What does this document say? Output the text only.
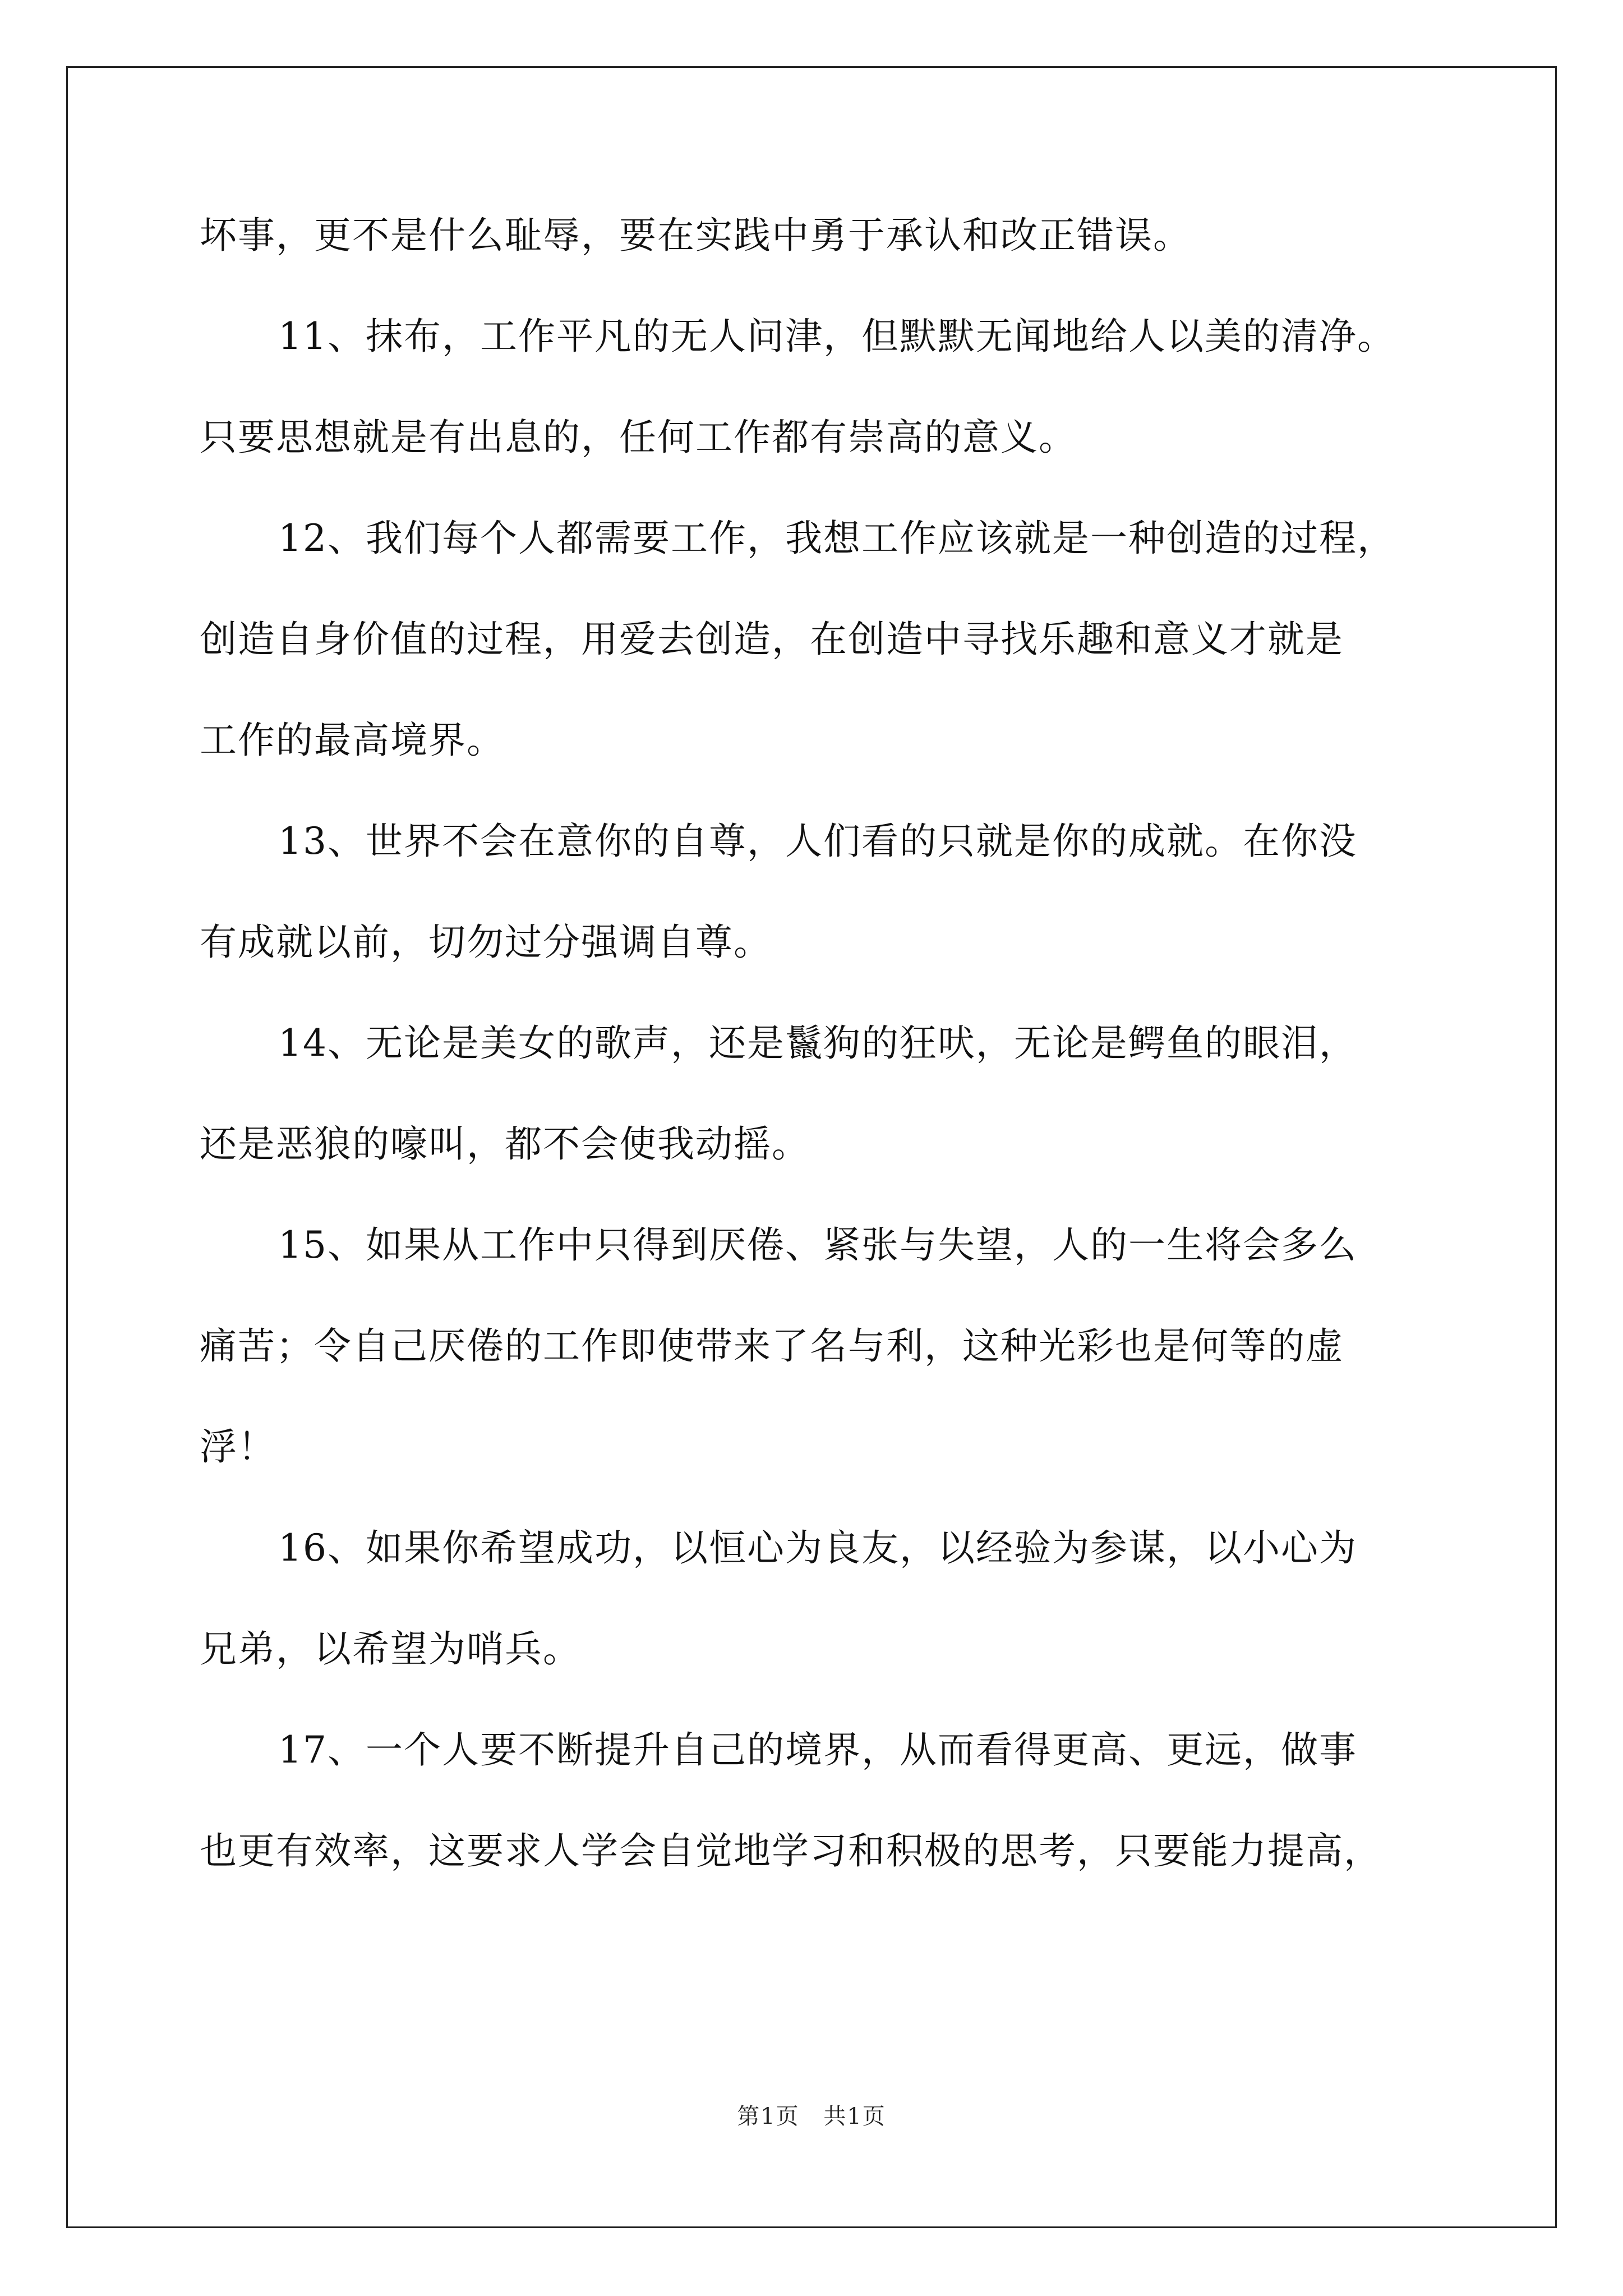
坏事，更不是什么耻辱，要在实践中勇于承认和改正错误。
11、抹布，工作平凡的无人问津，但默默无闻地给人以美的清净。
只要思想就是有出息的，任何工作都有崇高的意义。
12、我们每个人都需要工作，我想工作应该就是一种创造的过程，
创造自身价值的过程，用爱去创造，在创造中寻找乐趣和意义才就是
工作的最高境界。
13、世界不会在意你的自尊，人们看的只就是你的成就。在你没
有成就以前，切勿过分强调自尊。
14、无论是美女的歌声，还是鬣狗的狂吠，无论是鳄鱼的眼泪，
还是恶狼的嚎叫，都不会使我动摇。
15、如果从工作中只得到厌倦、紧张与失望，人的一生将会多么
痛苦；令自己厌倦的工作即使带来了名与利，这种光彩也是何等的虚
浮！
16、如果你希望成功，以恒心为良友，以经验为参谋，以小心为
兄弟，以希望为哨兵。
17、一个人要不断提升自己的境界，从而看得更高、更远，做事
也更有效率，这要求人学会自觉地学习和积极的思考，只要能力提高，
第1页 共1页
